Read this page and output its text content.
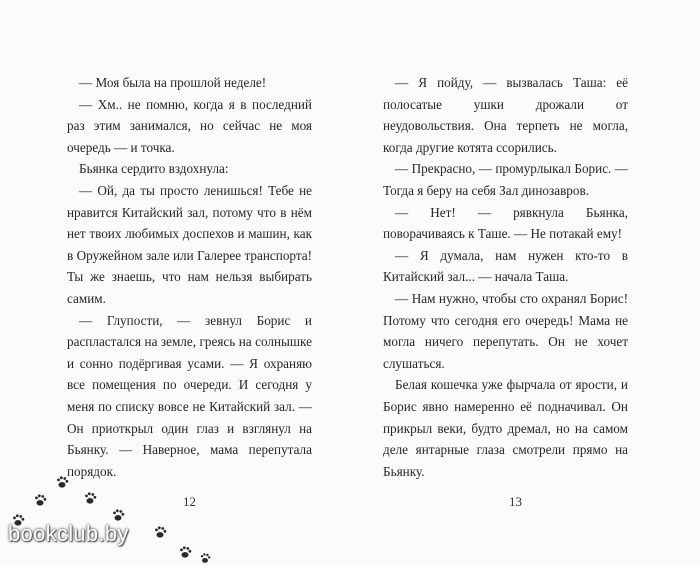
— Моя была на прошлой неделе!

— Хм.. не помню, когда я в последний раз этим занимался, но сейчас не моя очередь — и точка.

Бьянка сердито вздохнула:

— Ой, да ты просто ленишься! Тебе не нравится Китайский зал, потому что в нём нет твоих любимых доспехов и машин, как в Оружейном зале или Галерее транспорта! Ты же знаешь, что нам нельзя выбирать самим.

— Глупости, — зевнул Борис и распластался на земле, греясь на солнышке и сонно подёргивая усами. — Я охраняю все помещения по очереди. И сегодня у меня по списку вовсе не Китайский зал. — Он приоткрыл один глаз и взглянул на Бьянку. — Наверное, мама перепутала порядок.

12

— Я пойду, — вызвалась Таша: её полосатые ушки дрожали от неудовольствия. Она терпеть не могла, когда другие котята ссорились.

— Прекрасно, — промурлыкал Борис. — Тогда я беру на себя Зал динозавров.

— Нет! — рявкнула Бьянка, поворачиваясь к Таше. — Не потакай ему!

— Я думала, нам нужен кто-то в Китайский зал... — начала Таша.

— Нам нужно, чтобы сто охранял Борис! Потому что сегодня его очередь! Мама не могла ничего перепутать. Он не хочет слушаться.

Белая кошечка уже фырчала от ярости, и Борис явно намеренно её подначивал. Он прикрыл веки, будто дремал, но на самом деле янтарные глаза смотрели прямо на Бьянку.

13
bookclub.by
